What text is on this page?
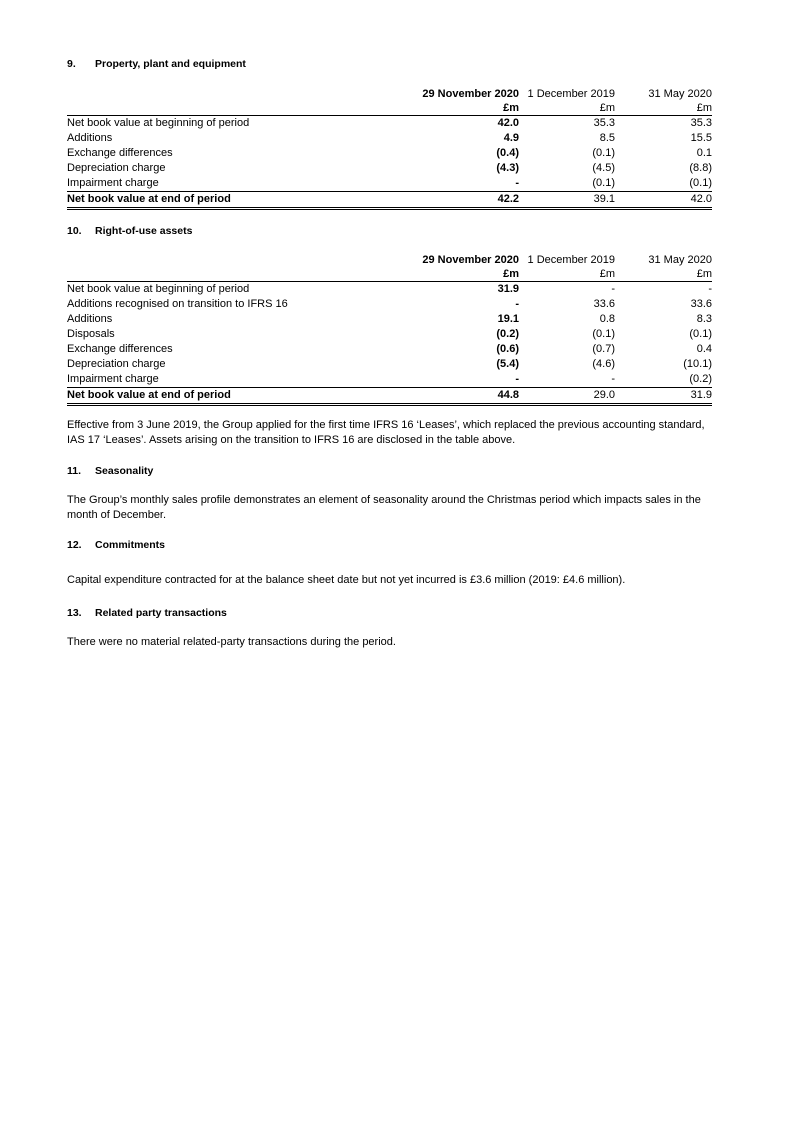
9. Property, plant and equipment
	29 November 2020	1 December 2019	31 May 2020
	£m	£m	£m
Net book value at beginning of period	42.0	35.3	35.3
Additions	4.9	8.5	15.5
Exchange differences	(0.4)	(0.1)	0.1
Depreciation charge	(4.3)	(4.5)	(8.8)
Impairment charge	-	(0.1)	(0.1)
Net book value at end of period	42.2	39.1	42.0
10. Right-of-use assets
	29 November 2020	1 December 2019	31 May 2020
	£m	£m	£m
Net book value at beginning of period	31.9	-	-
Additions recognised on transition to IFRS 16	-	33.6	33.6
Additions	19.1	0.8	8.3
Disposals	(0.2)	(0.1)	(0.1)
Exchange differences	(0.6)	(0.7)	0.4
Depreciation charge	(5.4)	(4.6)	(10.1)
Impairment charge	-	-	(0.2)
Net book value at end of period	44.8	29.0	31.9
Effective from 3 June 2019, the Group applied for the first time IFRS 16 ‘Leases’, which replaced the previous accounting standard, IAS 17 ‘Leases’. Assets arising on the transition to IFRS 16 are disclosed in the table above.
11. Seasonality
The Group’s monthly sales profile demonstrates an element of seasonality around the Christmas period which impacts sales in the month of December.
12. Commitments
Capital expenditure contracted for at the balance sheet date but not yet incurred is £3.6 million (2019: £4.6 million).
13. Related party transactions
There were no material related-party transactions during the period.
